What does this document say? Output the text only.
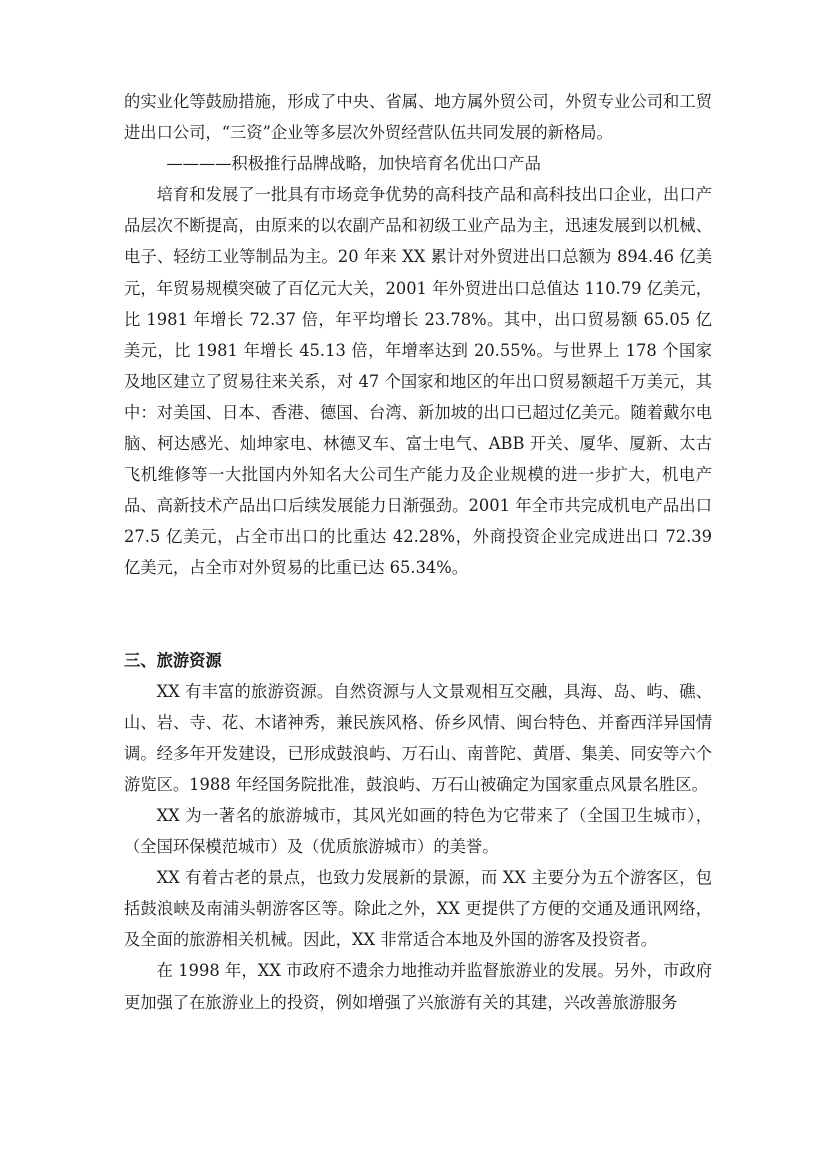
的实业化等鼓励措施，形成了中央、省属、地方属外贸公司，外贸专业公司和工贸进出口公司，“三资”企业等多层次外贸经营队伍共同发展的新格局。

————积极推行品牌战略，加快培育名优出口产品

培育和发展了一批具有市场竞争优势的高科技产品和高科技出口企业，出口产品层次不断提高，由原来的以农副产品和初级工业产品为主，迅速发展到以机械、电子、轻纺工业等制品为主。20 年来 XX 累计对外贸进出口总额为 894.46 亿美元，年贸易规模突破了百亿元大关，2001 年外贸进出口总值达 110.79 亿美元，比 1981 年增长 72.37 倍，年平均增长 23.78%。其中，出口贸易额 65.05 亿美元，比 1981 年增长 45.13 倍，年增率达到 20.55%。与世界上 178 个国家及地区建立了贸易往来关系，对 47 个国家和地区的年出口贸易额超千万美元，其中：对美国、日本、香港、德国、台湾、新加坡的出口已超过亿美元。随着戴尔电脑、柯达感光、灿坤家电、林德叉车、富士电气、ABB 开关、厦华、厦新、太古飞机维修等一大批国内外知名大公司生产能力及企业规模的进一步扩大，机电产品、高新技术产品出口后续发展能力日渐强劲。2001 年全市共完成机电产品出口 27.5 亿美元，占全市出口的比重达 42.28%，外商投资企业完成进出口 72.39 亿美元，占全市对外贸易的比重已达 65.34%。

三、旅游资源

XX 有丰富的旅游资源。自然资源与人文景观相互交融，具海、岛、屿、礁、山、岩、寺、花、木诸神秀，兼民族风格、侨乡风情、闽台特色、并畜西洋异国情调。经多年开发建设，已形成鼓浪屿、万石山、南普陀、黄厝、集美、同安等六个游览区。1988 年经国务院批准，鼓浪屿、万石山被确定为国家重点风景名胜区。

XX 为一著名的旅游城市，其风光如画的特色为它带来了（全国卫生城市），（全国环保模范城市）及（优质旅游城市）的美誉。

XX 有着古老的景点，也致力发展新的景源，而 XX 主要分为五个游客区，包括鼓浪峡及南浦头朝游客区等。除此之外，XX 更提供了方便的交通及通讯网络，及全面的旅游相关机械。因此，XX 非常适合本地及外国的游客及投资者。

在 1998 年，XX 市政府不遗余力地推动并监督旅游业的发展。另外，市政府更加强了在旅游业上的投资，例如增强了兴旅游有关的其建，兴改善旅游服务
